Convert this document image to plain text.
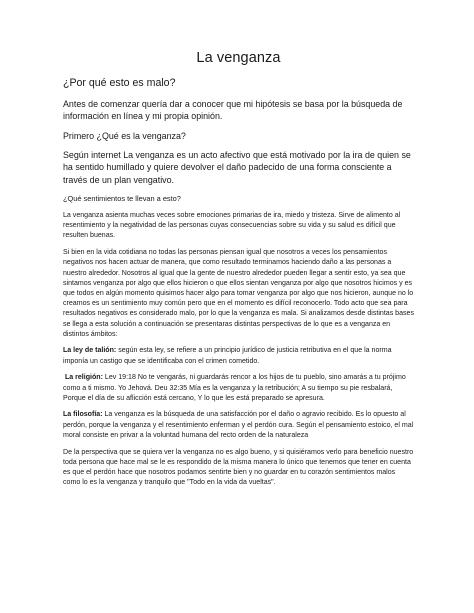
La venganza

¿Por qué esto es malo?

Antes de comenzar quería dar a conocer que mi hipótesis se basa por la búsqueda de información en línea y mi propia opinión.

Primero ¿Qué es la venganza?

Según internet La venganza es un acto afectivo que está motivado por la ira de quien se ha sentido humillado y quiere devolver el daño padecido de una forma consciente a través de un plan vengativo.

¿Qué sentimientos te llevan a esto?

La venganza asienta muchas veces sobre emociones primarias de ira, miedo y tristeza. Sirve de alimento al resentimiento y la negatividad de las personas cuyas consecuencias sobre su vida y su salud es difícil que resulten buenas.

Si bien en la vida cotidiana no todas las personas piensan igual que nosotros a veces los pensamientos negativos nos hacen actuar de manera, que como resultado terminamos haciendo daño a las personas a nuestro alrededor. Nosotros al igual que la gente de nuestro alrededor pueden llegar a sentir esto, ya sea que sintamos venganza por algo que ellos hicieron o que ellos sientan venganza por algo que nosotros hicimos y es que todos en algún momento quisimos hacer algo para tomar venganza por algo que nos hicieron, aunque no lo creamos es un sentimiento muy común pero que en el momento es difícil reconocerlo. Todo acto que sea para resultados negativos es considerado malo, por lo que la venganza es mala. Si analizamos desde distintas bases se llega a esta solución a continuación se presentaras distintas perspectivas de lo que es a venganza en distintos ámbitos:

La ley de talión: según esta ley, se refiere a un principio jurídico de justicia retributiva en el que la norma imponía un castigo que se identificaba con el crimen cometido.

La religión: Lev 19:18 No te vengarás, ni guardarás rencor a los hijos de tu pueblo, sino amarás a tu prójimo como a ti mismo. Yo Jehová. Deu 32:35 Mía es la venganza y la retribución; A su tiempo su pie resbalará, Porque el día de su aflicción está cercano, Y lo que les está preparado se apresura.

La filosofía: La venganza es la búsqueda de una satisfacción por el daño o agravio recibido. Es lo opuesto al perdón, porque la venganza y el resentimiento enferman y el perdón cura. Según el pensamiento estoico, el mal moral consiste en privar a la voluntad humana del recto orden de la naturaleza

De la perspectiva que se quiera ver la venganza no es algo bueno, y si quisiéramos verlo para beneficio nuestro toda persona que hace mal se le es respondido de la misma manera lo único que tenemos que tener en cuenta es que el perdón hace que nosotros podamos sentirte bien y no guardar en tu corazón sentimientos malos como lo es la venganza y tranquilo que "Todo en la vida da vueltas".
